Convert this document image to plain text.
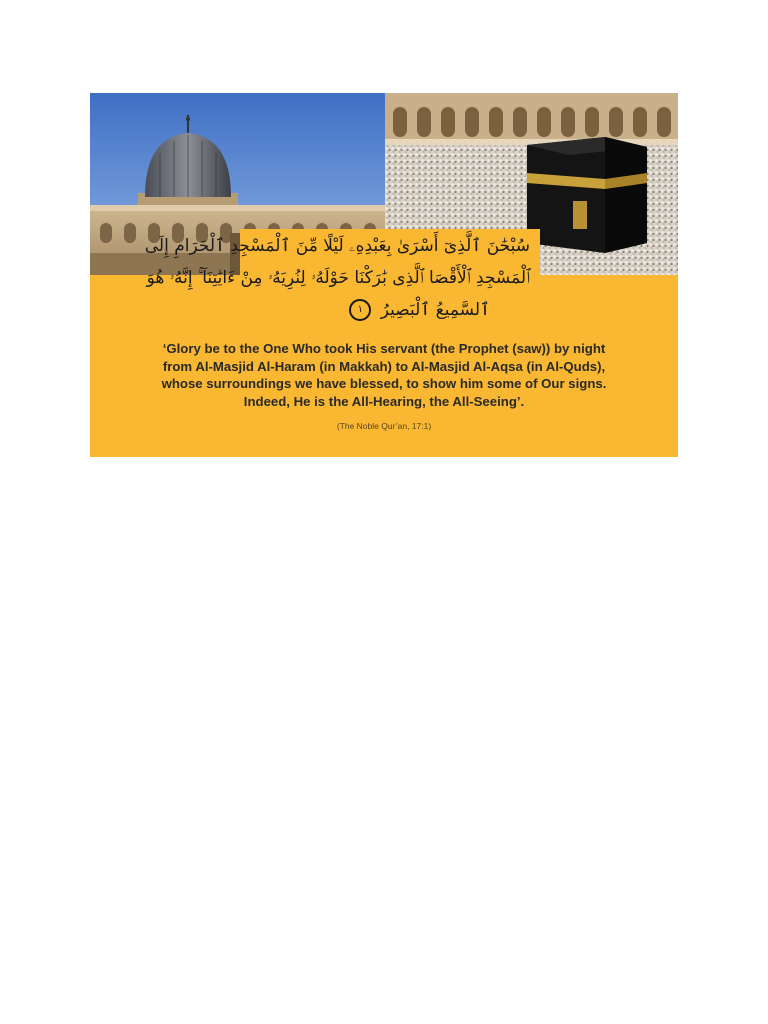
سُبْحَٰنَ ٱلَّذِىٓ أَسْرَىٰ بِعَبْدِهِۦ لَيْلًا مِّنَ ٱلْمَسْجِدِ ٱلْحَرَامِ إِلَى
ٱلْمَسْجِدِ ٱلْأَقْصَا ٱلَّذِى بَٰرَكْنَا حَوْلَهُۥ لِنُرِيَهُۥ مِنْ ءَايَٰتِنَآ ۚ إِنَّهُۥ هُوَ
ٱلسَّمِيعُ ٱلْبَصِيرُ ١

‘Glory be to the One Who took His servant (the Prophet (saw)) by night
from Al-Masjid Al-Haram (in Makkah) to Al-Masjid Al-Aqsa (in Al-Quds),
whose surroundings we have blessed, to show him some of Our signs.
Indeed, He is the All-Hearing, the All-Seeing’.

(The Noble Qur’an, 17:1)
